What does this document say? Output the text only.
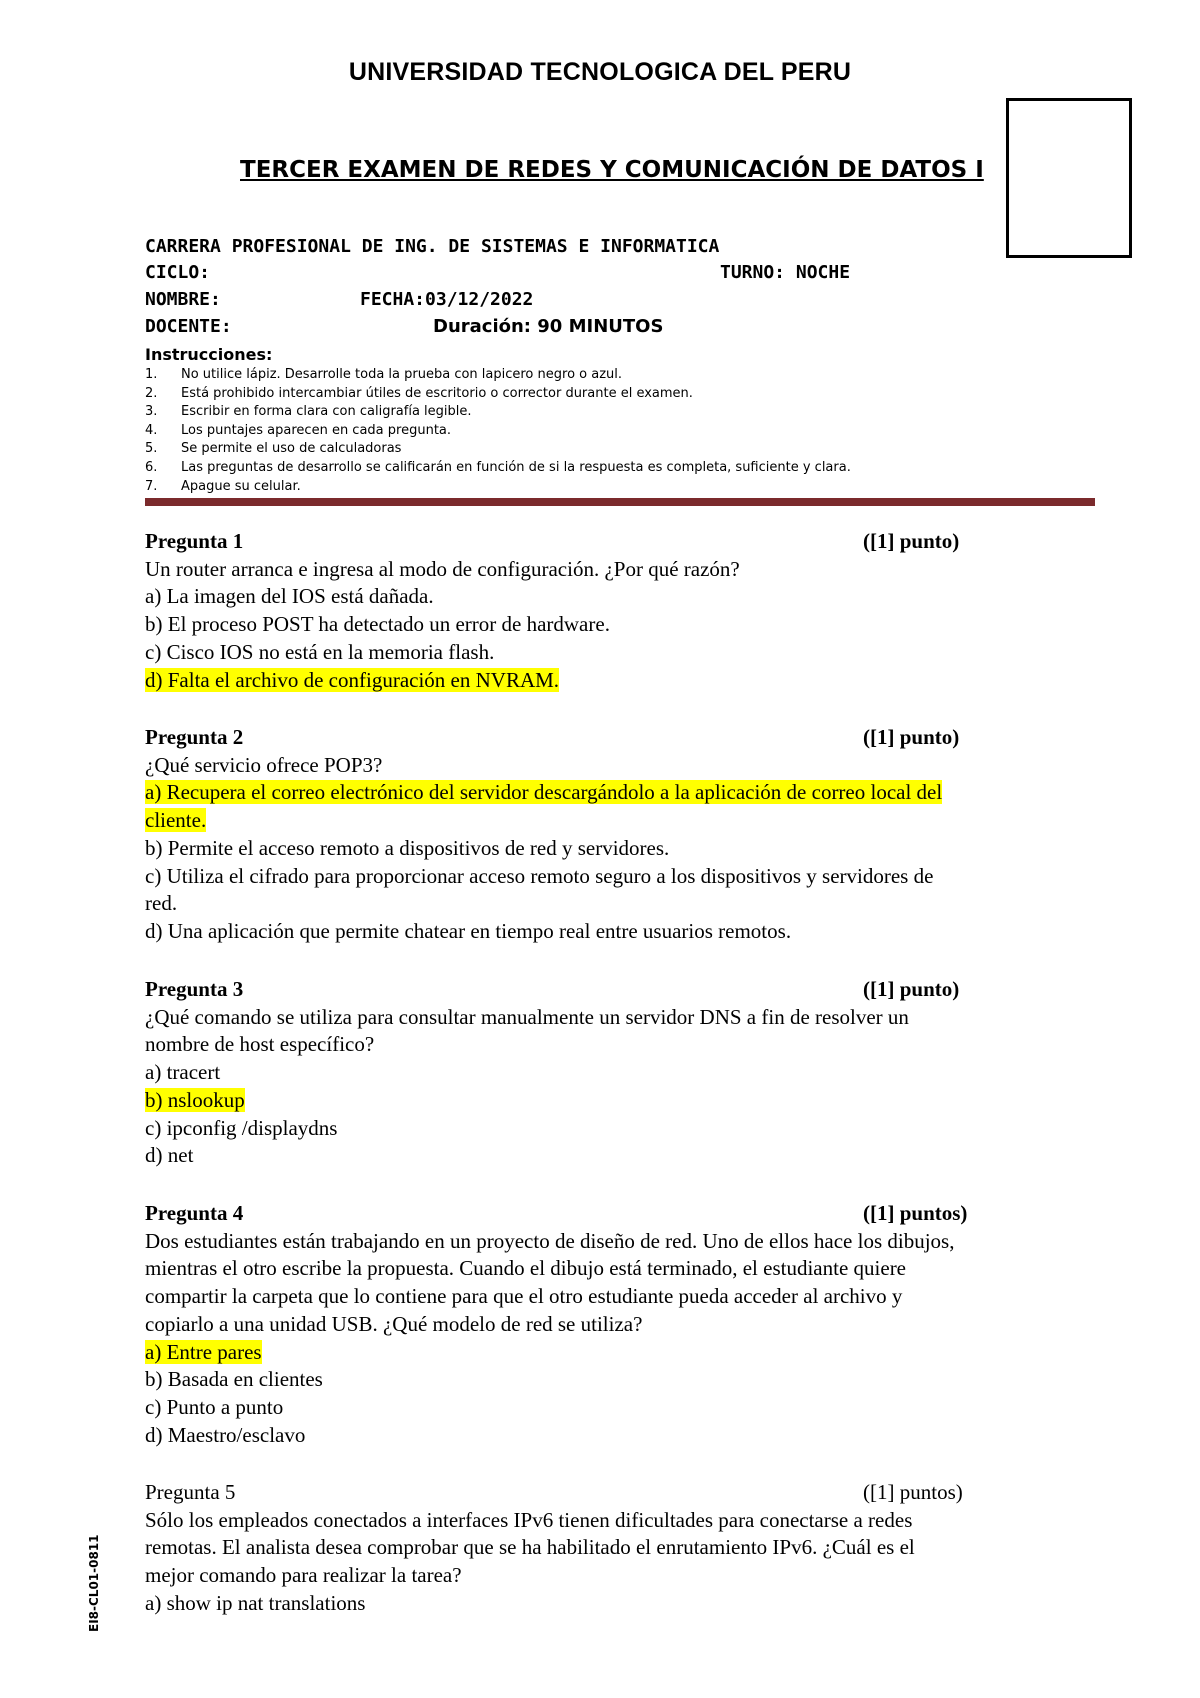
UNIVERSIDAD TECNOLOGICA DEL PERU
TERCER EXAMEN DE REDES Y COMUNICACIÓN DE DATOS I
CARRERA PROFESIONAL DE ING. DE SISTEMAS E INFORMATICA
CICLO:	TURNO: NOCHE
NOMBRE:	FECHA:03/12/2022
DOCENTE:	Duración: 90 MINUTOS
Instrucciones:
1. No utilice lápiz. Desarrolle toda la prueba con lapicero negro o azul.
2. Está prohibido intercambiar útiles de escritorio o corrector durante el examen.
3. Escribir en forma clara con caligrafía legible.
4. Los puntajes aparecen en cada pregunta.
5. Se permite el uso de calculadoras
6. Las preguntas de desarrollo se calificarán en función de si la respuesta es completa, suficiente y clara.
7. Apague su celular.
Pregunta 1	([1] punto)
Un router arranca e ingresa al modo de configuración. ¿Por qué razón?
a) La imagen del IOS está dañada.
b) El proceso POST ha detectado un error de hardware.
c) Cisco IOS no está en la memoria flash.
d) Falta el archivo de configuración en NVRAM.
Pregunta 2	([1] punto)
¿Qué servicio ofrece POP3?
a) Recupera el correo electrónico del servidor descargándolo a la aplicación de correo local del
cliente.
b) Permite el acceso remoto a dispositivos de red y servidores.
c) Utiliza el cifrado para proporcionar acceso remoto seguro a los dispositivos y servidores de
red.
d) Una aplicación que permite chatear en tiempo real entre usuarios remotos.
Pregunta 3	([1] punto)
¿Qué comando se utiliza para consultar manualmente un servidor DNS a fin de resolver un
nombre de host específico?
a) tracert
b) nslookup
c) ipconfig /displaydns
d) net
Pregunta 4	([1] puntos)
Dos estudiantes están trabajando en un proyecto de diseño de red. Uno de ellos hace los dibujos,
mientras el otro escribe la propuesta. Cuando el dibujo está terminado, el estudiante quiere
compartir la carpeta que lo contiene para que el otro estudiante pueda acceder al archivo y
copiarlo a una unidad USB. ¿Qué modelo de red se utiliza?
a) Entre pares
b) Basada en clientes
c) Punto a punto
d) Maestro/esclavo
Pregunta 5	([1] puntos)
Sólo los empleados conectados a interfaces IPv6 tienen dificultades para conectarse a redes
remotas. El analista desea comprobar que se ha habilitado el enrutamiento IPv6. ¿Cuál es el
mejor comando para realizar la tarea?
a) show ip nat translations
EI8-CL01-0811
